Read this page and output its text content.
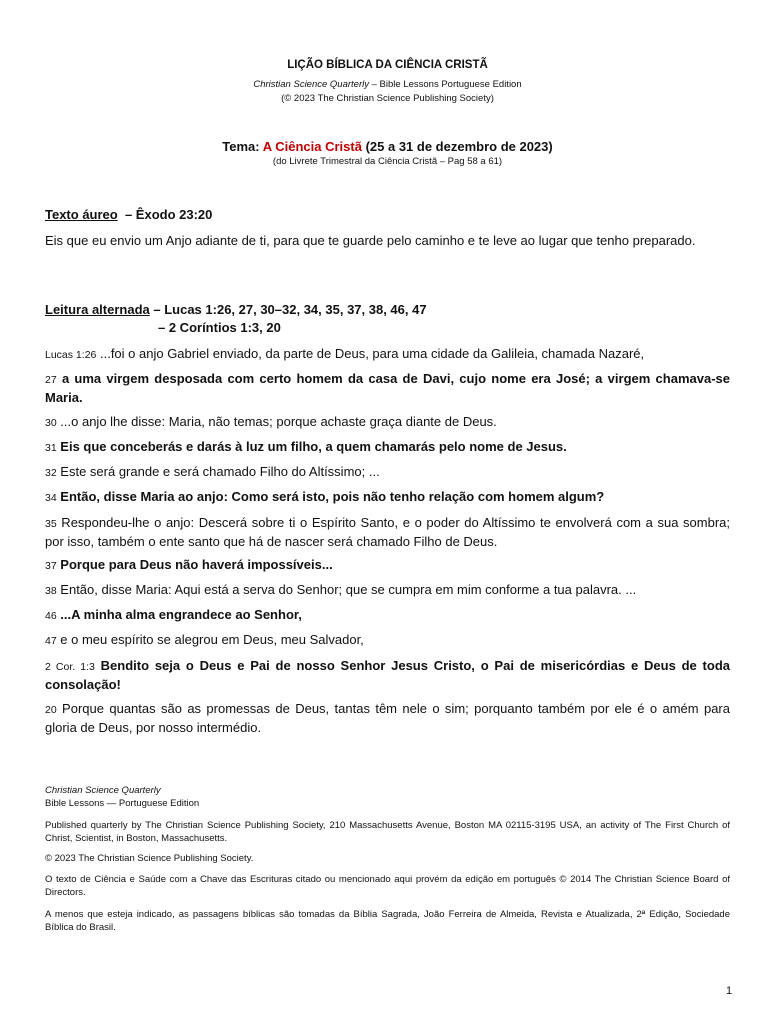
LIÇÃO BÍBLICA DA CIÊNCIA CRISTÃ
Christian Science Quarterly – Bible Lessons Portuguese Edition
(© 2023 The Christian Science Publishing Society)
Tema: A Ciência Cristã (25 a 31 de dezembro de 2023)
(do Livrete Trimestral da Ciência Cristã – Pag 58 a 61)
Texto áureo  – Êxodo 23:20
Eis que eu envio um Anjo adiante de ti, para que te guarde pelo caminho e te leve ao lugar que tenho preparado.
Leitura alternada – Lucas 1:26, 27, 30–32, 34, 35, 37, 38, 46, 47
– 2 Coríntios 1:3, 20
Lucas 1:26 ...foi o anjo Gabriel enviado, da parte de Deus, para uma cidade da Galileia, chamada Nazaré,
27 a uma virgem desposada com certo homem da casa de Davi, cujo nome era José; a virgem chamava-se Maria.
30 ...o anjo lhe disse: Maria, não temas; porque achaste graça diante de Deus.
31 Eis que conceberás e darás à luz um filho, a quem chamarás pelo nome de Jesus.
32 Este será grande e será chamado Filho do Altíssimo; ...
34 Então, disse Maria ao anjo: Como será isto, pois não tenho relação com homem algum?
35 Respondeu-lhe o anjo: Descerá sobre ti o Espírito Santo, e o poder do Altíssimo te envolverá com a sua sombra; por isso, também o ente santo que há de nascer será chamado Filho de Deus.
37 Porque para Deus não haverá impossíveis...
38 Então, disse Maria: Aqui está a serva do Senhor; que se cumpra em mim conforme a tua palavra. ...
46 ...A minha alma engrandece ao Senhor,
47 e o meu espírito se alegrou em Deus, meu Salvador,
2 Cor. 1:3 Bendito seja o Deus e Pai de nosso Senhor Jesus Cristo, o Pai de misericórdias e Deus de toda consolação!
20 Porque quantas são as promessas de Deus, tantas têm nele o sim; porquanto também por ele é o amém para gloria de Deus, por nosso intermédio.
Christian Science Quarterly
Bible Lessons — Portuguese Edition
Published quarterly by The Christian Science Publishing Society, 210 Massachusetts Avenue, Boston MA 02115-3195 USA, an activity of The First Church of Christ, Scientist, in Boston, Massachusetts.
© 2023 The Christian Science Publishing Society.
O texto de Ciência e Saúde com a Chave das Escrituras citado ou mencionado aqui provém da edição em português © 2014 The Christian Science Board of Directors.
A menos que esteja indicado, as passagens bíblicas são tomadas da Bíblia Sagrada, João Ferreira de Almeida, Revista e Atualizada, 2ª Edição, Sociedade Bíblica do Brasil.
1
